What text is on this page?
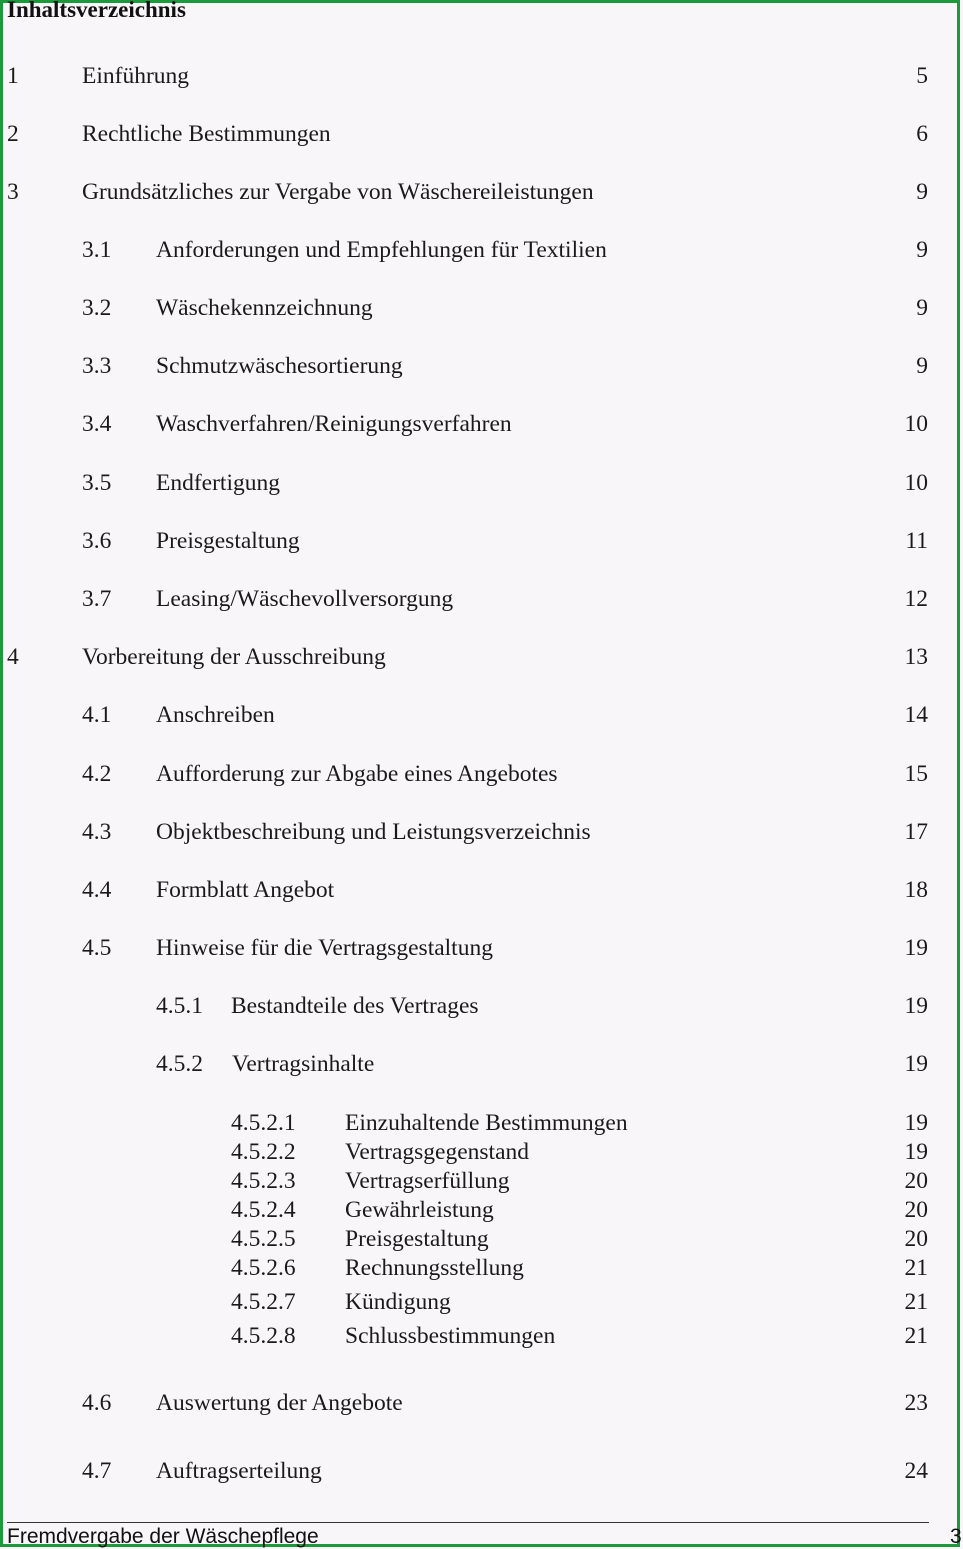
Inhaltsverzeichnis
1	Einführung	5
2	Rechtliche Bestimmungen	6
3	Grundsätzliches zur Vergabe von Wäschereileistungen	9
3.1 Anforderungen und Empfehlungen für Textilien	9
3.2 Wäschekennzeichnung	9
3.3 Schmutzwäschesortierung	9
3.4 Waschverfahren/Reinigungsverfahren	10
3.5 Endfertigung	10
3.6 Preisgestaltung	11
3.7 Leasing/Wäschevollversorgung	12
4	Vorbereitung der Ausschreibung	13
4.1 Anschreiben	14
4.2 Aufforderung zur Abgabe eines Angebotes	15
4.3 Objektbeschreibung und Leistungsverzeichnis	17
4.4 Formblatt Angebot	18
4.5 Hinweise für die Vertragsgestaltung	19
4.5.1 Bestandteile des Vertrages	19
4.5.2 Vertragsinhalte	19
4.5.2.1 Einzuhaltende Bestimmungen	19
4.5.2.2 Vertragsgegenstand	19
4.5.2.3 Vertragserfüllung	20
4.5.2.4 Gewährleistung	20
4.5.2.5 Preisgestaltung	20
4.5.2.6 Rechnungsstellung	21
4.5.2.7 Kündigung	21
4.5.2.8 Schlussbestimmungen	21
4.6 Auswertung der Angebote	23
4.7 Auftragserteilung	24
Fremdvergabe der Wäschepflege	3
